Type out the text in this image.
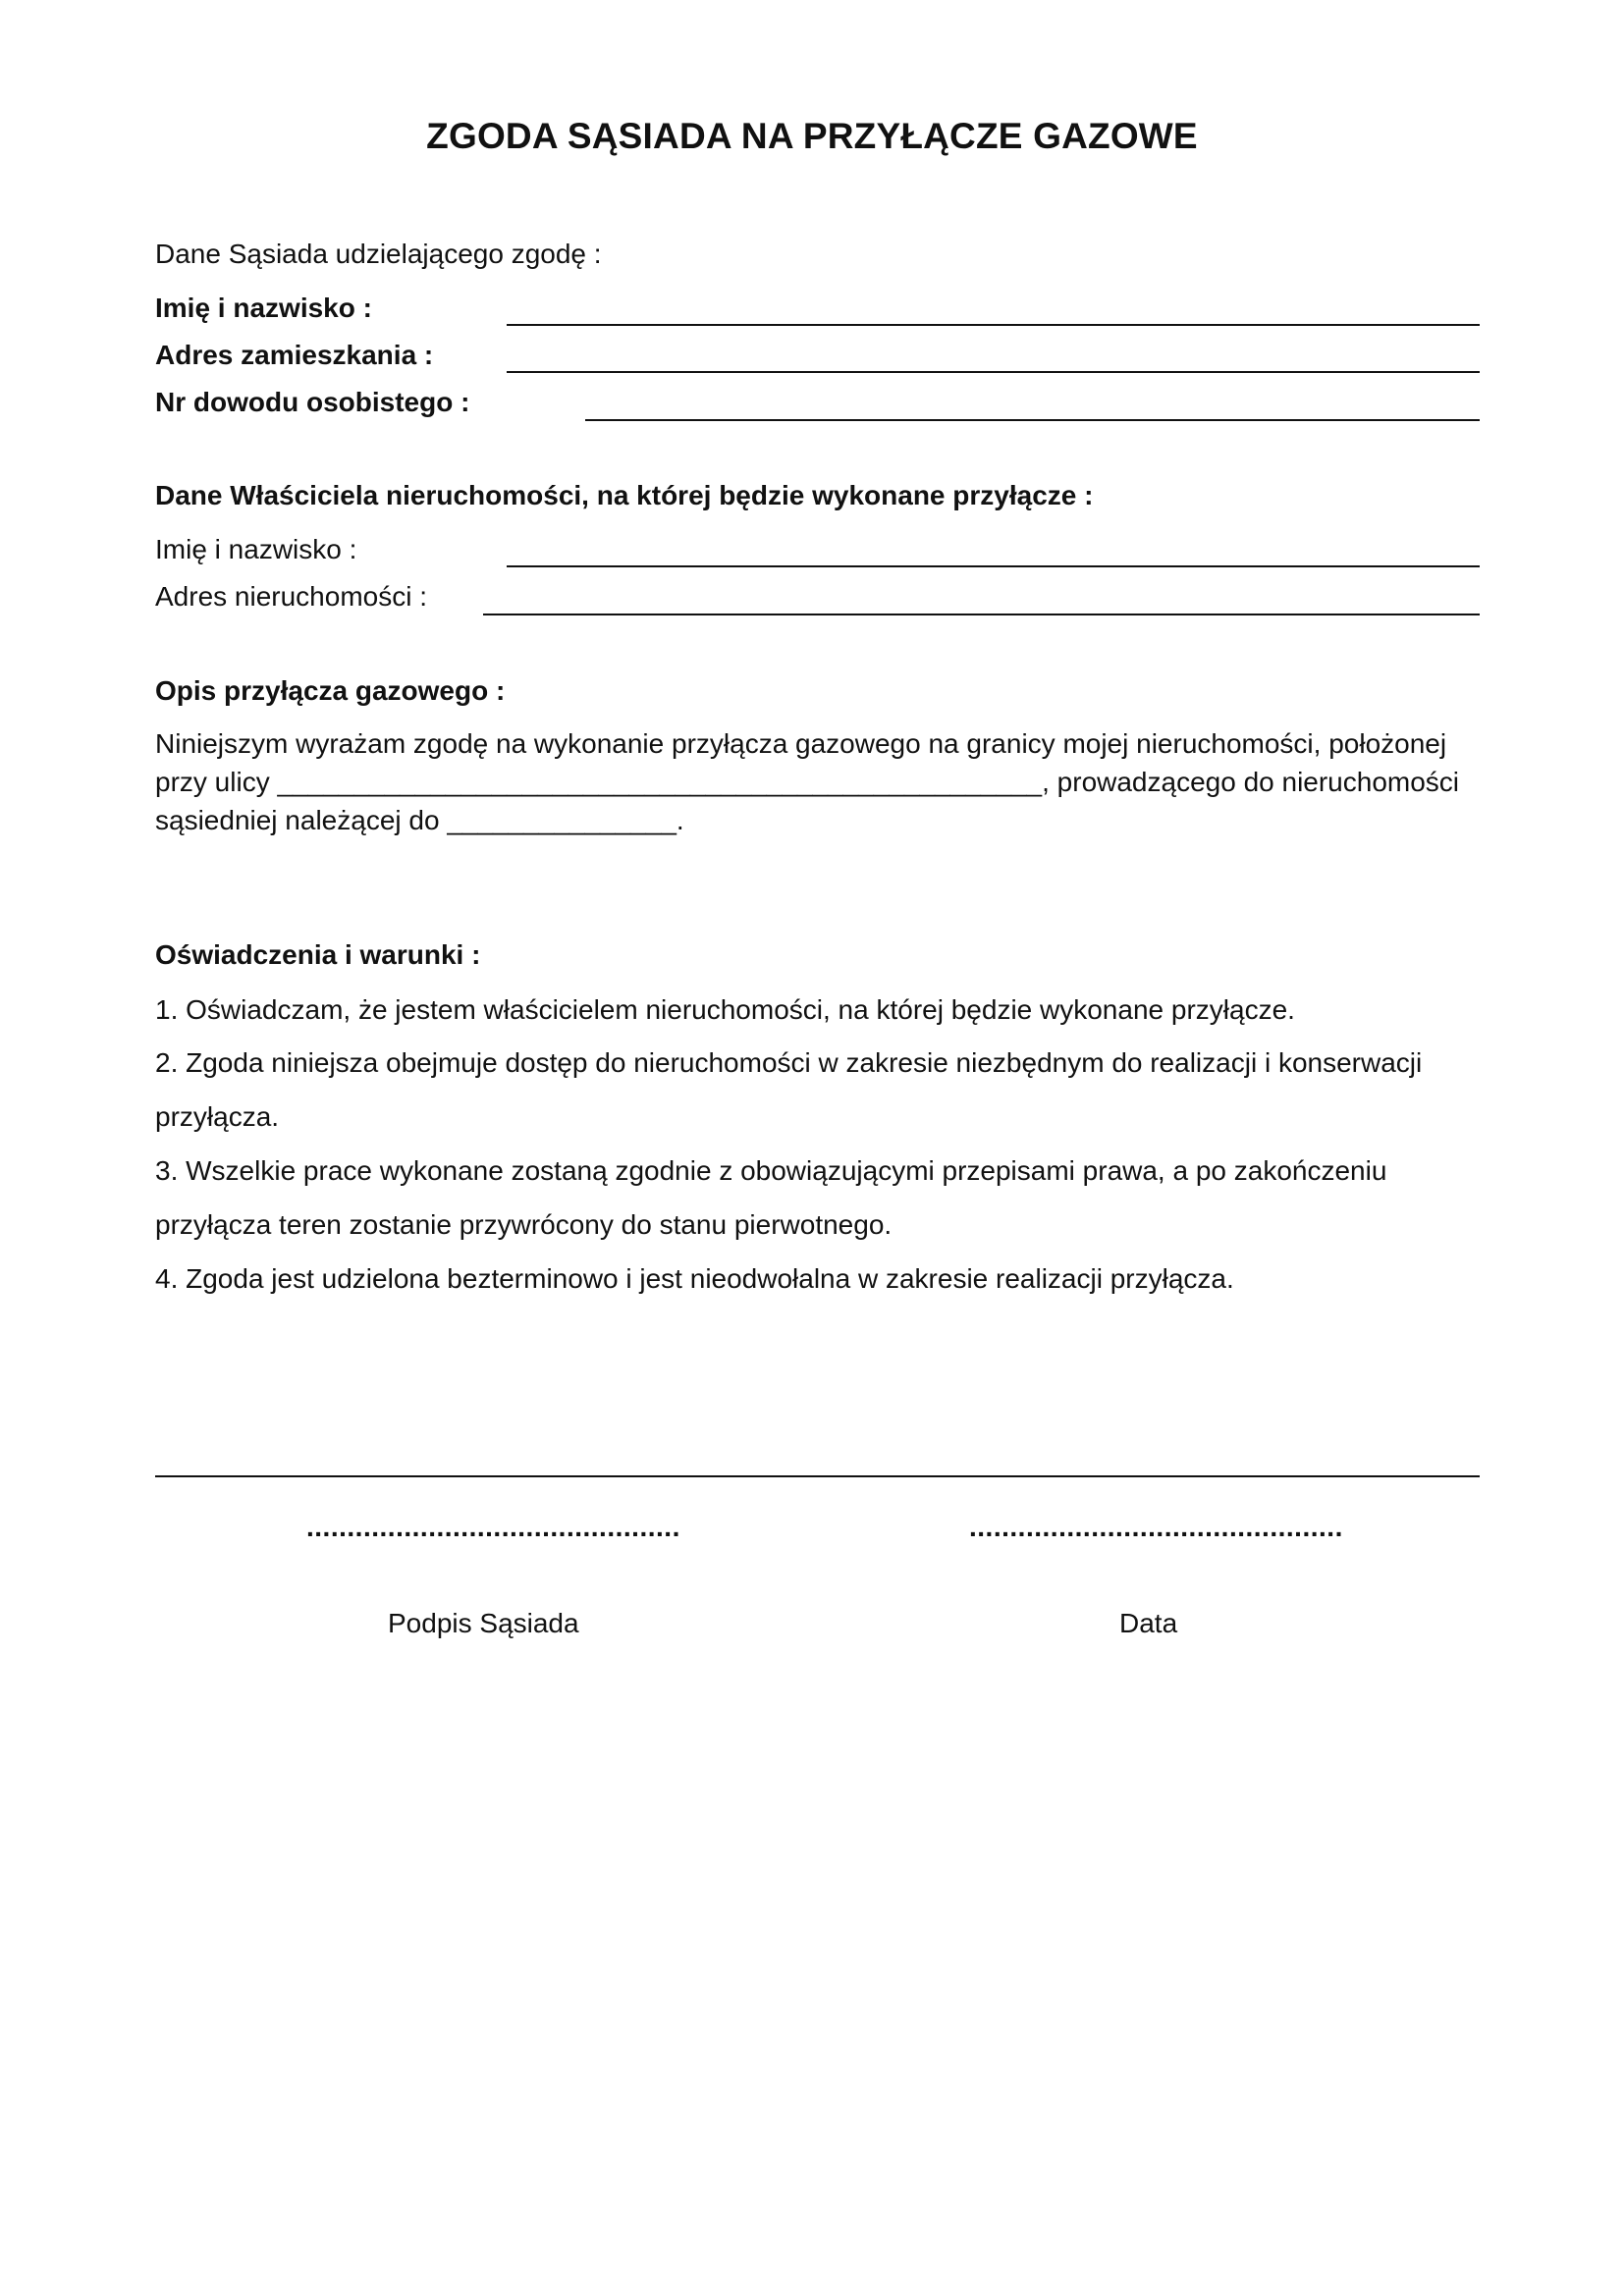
ZGODA SĄSIADA NA PRZYŁĄCZE GAZOWE
Dane Sąsiada udzielającego zgodę :
Imię i nazwisko :
Adres zamieszkania :
Nr dowodu osobistego :
Dane Właściciela nieruchomości, na której będzie wykonane przyłącze :
Imię i nazwisko :
Adres nieruchomości :
Opis przyłącza gazowego :
Niniejszym wyrażam zgodę na wykonanie przyłącza gazowego na granicy mojej nieruchomości, położonej przy ulicy __________________________________________________, prowadzącego do nieruchomości sąsiedniej należącej do _______________.
Oświadczenia i warunki :
1. Oświadczam, że jestem właścicielem nieruchomości, na której będzie wykonane przyłącze.
2. Zgoda niniejsza obejmuje dostęp do nieruchomości w zakresie niezbędnym do realizacji i konserwacji
przyłącza.
3. Wszelkie prace wykonane zostaną zgodnie z obowiązującymi przepisami prawa, a po zakończeniu
przyłącza teren zostanie przywrócony do stanu pierwotnego.
4. Zgoda jest udzielona bezterminowo i jest nieodwołalna w zakresie realizacji przyłącza.
..............................................	..............................................
Podpis Sąsiada	Data
